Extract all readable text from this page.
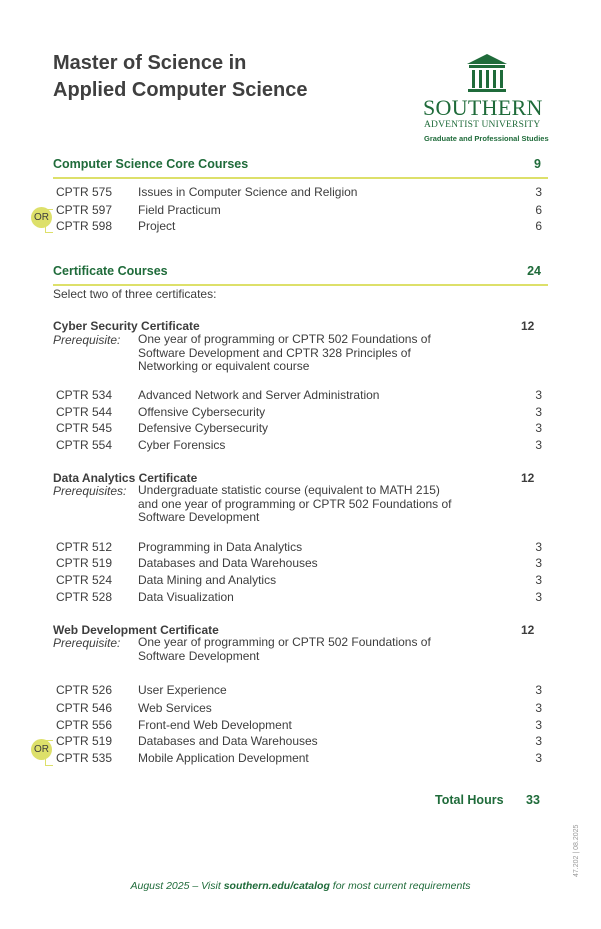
Master of Science in
Applied Computer Science
SOUTHERN
ADVENTIST UNIVERSITY
Graduate and Professional Studies
Computer Science Core Courses	9
CPTR 575 Issues in Computer Science and Religion	3
CPTR 597 Field Practicum	6
CPTR 598 Project	6
OR
Certificate Courses	24
Select two of three certificates:
Cyber Security Certificate	12
Prerequisite: One year of programming or CPTR 502 Foundations of
Software Development and CPTR 328 Principles of
Networking or equivalent course
CPTR 534 Advanced Network and Server Administration	3
CPTR 544 Offensive Cybersecurity	3
CPTR 545 Defensive Cybersecurity	3
CPTR 554 Cyber Forensics	3
Data Analytics Certificate	12
Prerequisites: Undergraduate statistic course (equivalent to MATH 215)
and one year of programming or CPTR 502 Foundations of
Software Development
CPTR 512 Programming in Data Analytics	3
CPTR 519 Databases and Data Warehouses	3
CPTR 524 Data Mining and Analytics	3
CPTR 528 Data Visualization	3
Web Development Certificate	12
Prerequisite: One year of programming or CPTR 502 Foundations of
Software Development
CPTR 526 User Experience	3
CPTR 546 Web Services	3
CPTR 556 Front-end Web Development	3
CPTR 519 Databases and Data Warehouses	3
CPTR 535 Mobile Application Development	3
OR
Total Hours 33
47.202 | 08.2025
August 2025 – Visit southern.edu/catalog for most current requirements
